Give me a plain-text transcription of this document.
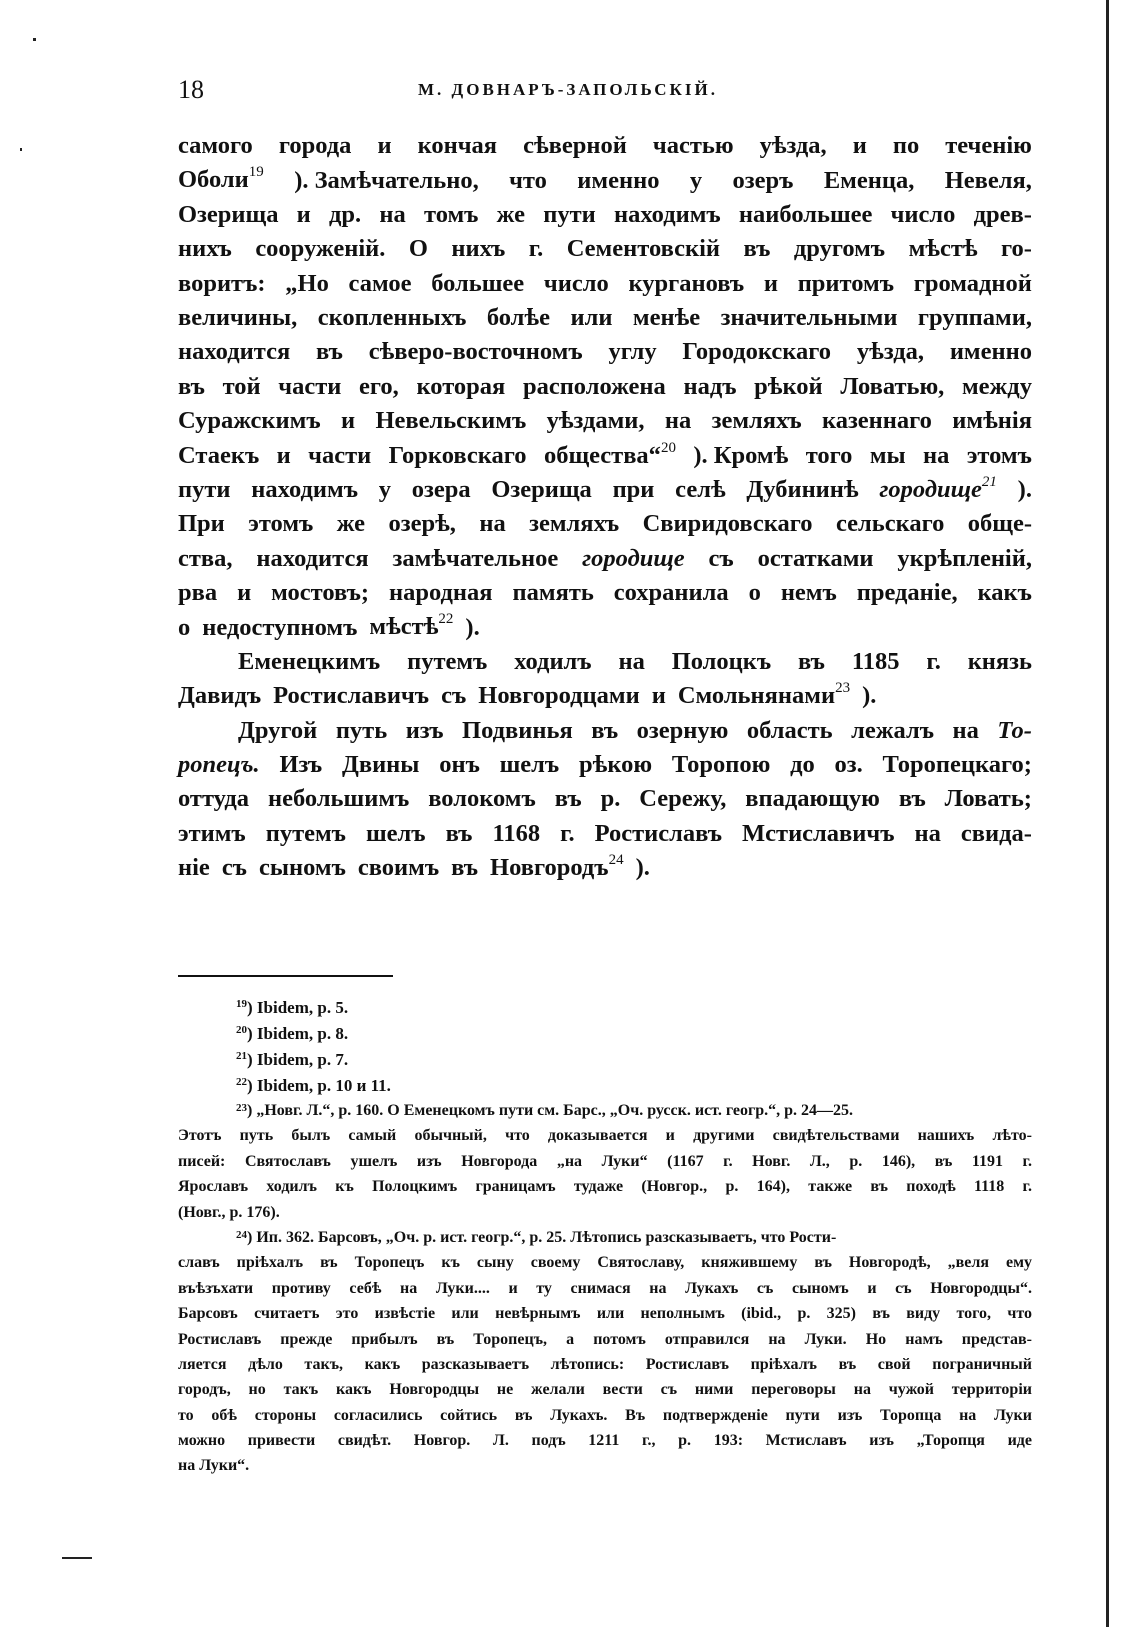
18	М. ДОВНАРЪ-ЗАПОЛЬСКІЙ.
самого города и кончая сѣверной частью уѣзда, и по теченію
Оболи$^{19}$ ). Замѣчательно, что именно у озеръ Еменца, Невеля,
Озерища и др. на томъ же пути находимъ наибольшее число древ-
нихъ сооруженій. О нихъ г. Сементовскій въ другомъ мѣстѣ го-
воритъ: „Но самое большее число кургановъ и притомъ громадной
величины, скопленныхъ болѣе или менѣе значительными группами,
находится въ сѣверо-восточномъ углу Городокскаго уѣзда, именно
въ той части его, которая расположена надъ рѣкой Ловатью, между
Суражскимъ и Невельскимъ уѣздами, на земляхъ казеннаго имѣнія
Стаекъ и части Горковскаго общества“$^{20}$ ). Кромѣ того мы на этомъ
пути находимъ у озера Озерища при селѣ Дубининѣ городище$^{21}$ ).
При этомъ же озерѣ, на земляхъ Свиридовскаго сельскаго обще-
ства, находится замѣчательное городище съ остатками укрѣпленій,
рва и мостовъ; народная память сохранила о немъ преданіе, какъ
о недоступномъ мѣстѣ$^{22}$ ).
Еменецкимъ путемъ ходилъ на Полоцкъ въ 1185 г. князь
Давидъ Ростиславичъ съ Новгородцами и Смольнянами$^{23}$ ).
Другой путь изъ Подвинья въ озерную область лежалъ на То-
ропецъ. Изъ Двины онъ шелъ рѣкою Торопою до оз. Торопецкаго;
оттуда небольшимъ волокомъ въ р. Сережу, впадающую въ Ловать;
этимъ путемъ шелъ въ 1168 г. Ростиславъ Мстиславичъ на свида-
ніе съ сыномъ своимъ въ Новгородъ$^{24}$ ).
19) Ibidem, p. 5.
20) Ibidem, p. 8.
21) Ibidem, p. 7.
22) Ibidem, p. 10 и 11.
23 ) „Новг. Л.“, p. 160. О Еменецкомъ пути см. Барс., „Оч. русск. ист. геогр.“, p. 24—25.
Этотъ путь былъ самый обычный, что доказывается и другими свидѣтельствами нашихъ лѣто-
писей: Святославъ ушелъ изъ Новгорода „на Луки“ (1167 г. Новг. Л., р. 146), въ 1191 г.
Ярославъ ходилъ къ Полоцкимъ границамъ тудаже (Новгор., р. 164), также въ походѣ 1118 г.
(Новг., р. 176).
24 ) Ип. 362. Барсовъ, „Оч. р. ист. геогр.“, р. 25. Лѣтопись разсказываетъ, что Рости-
славъ пріѣхалъ въ Торопецъ къ сыну своему Святославу, княжившему въ Новгородѣ, „веля ему
въѣзъхати противу себѣ на Луки.... и ту снимася на Лукахъ съ сыномъ и съ Новгородцы“.
Барсовъ считаетъ это извѣстіе или невѣрнымъ или неполнымъ (ibid., р. 325) въ виду того, что
Ростиславъ прежде прибылъ въ Торопецъ, а потомъ отправился на Луки. Но намъ представ-
ляется дѣло такъ, какъ разсказываетъ лѣтопись: Ростиславъ пріѣхалъ въ свой пограничный
городъ, но такъ какъ Новгородцы не желали вести съ ними переговоры на чужой территоріи
то обѣ стороны согласились сойтись въ Лукахъ. Въ подтвержденіе пути изъ Торопца на Луки
можно привести свидѣт. Новгор. Л. подъ 1211 г., р. 193: Мстиславъ изъ „Торопця иде
на Луки“.
